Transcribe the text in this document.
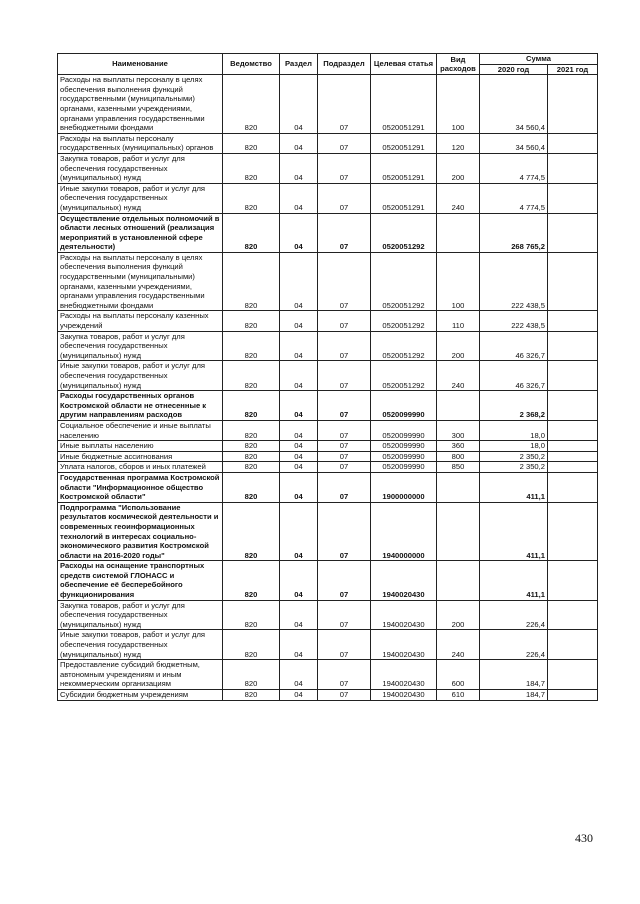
Наименование	Ведомство	Раздел	Подраздел	Целевая статья	Вид расходов	Сумма	
						2020 год	2021 год
Расходы на выплаты персоналу в целях обеспечения выполнения функций государственными (муниципальными) органами, казенными учреждениями, органами управления государственными внебюджетными фондами	820	04	07	0520051291	100	34 560,4	
Расходы на выплаты персоналу государственных (муниципальных) органов	820	04	07	0520051291	120	34 560,4	
Закупка товаров, работ и услуг для обеспечения государственных (муниципальных) нужд	820	04	07	0520051291	200	4 774,5	
Иные закупки товаров, работ и услуг для обеспечения государственных (муниципальных) нужд	820	04	07	0520051291	240	4 774,5	
Осуществление отдельных полномочий в области лесных отношений (реализация мероприятий в установленной сфере деятельности)	820	04	07	0520051292		268 765,2	
Расходы на выплаты персоналу в целях обеспечения выполнения функций государственными (муниципальными) органами, казенными учреждениями, органами управления государственными внебюджетными фондами	820	04	07	0520051292	100	222 438,5	
Расходы на выплаты персоналу казенных учреждений	820	04	07	0520051292	110	222 438,5	
Закупка товаров, работ и услуг для обеспечения государственных (муниципальных) нужд	820	04	07	0520051292	200	46 326,7	
Иные закупки товаров, работ и услуг для обеспечения государственных (муниципальных) нужд	820	04	07	0520051292	240	46 326,7	
Расходы государственных органов Костромской области не отнесенные к другим направлениям расходов	820	04	07	0520099990		2 368,2	
Социальное обеспечение и иные выплаты населению	820	04	07	0520099990	300	18,0	
Иные выплаты населению	820	04	07	0520099990	360	18,0	
Иные бюджетные ассигнования	820	04	07	0520099990	800	2 350,2	
Уплата налогов, сборов и иных платежей	820	04	07	0520099990	850	2 350,2	
Государственная программа Костромской области "Информационное общество Костромской области"	820	04	07	1900000000		411,1	
Подпрограмма "Использование результатов космической деятельности и современных геоинформационных технологий в интересах социально-экономического развития Костромской области на 2016-2020 годы"	820	04	07	1940000000		411,1	
Расходы на оснащение транспортных средств системой ГЛОНАСС и обеспечение её бесперебойного функционирования	820	04	07	1940020430		411,1	
Закупка товаров, работ и услуг для обеспечения государственных (муниципальных) нужд	820	04	07	1940020430	200	226,4	
Иные закупки товаров, работ и услуг для обеспечения государственных (муниципальных) нужд	820	04	07	1940020430	240	226,4	
Предоставление субсидий бюджетным, автономным учреждениям и иным некоммерческим организациям	820	04	07	1940020430	600	184,7	
Субсидии бюджетным учреждениям	820	04	07	1940020430	610	184,7	
430
